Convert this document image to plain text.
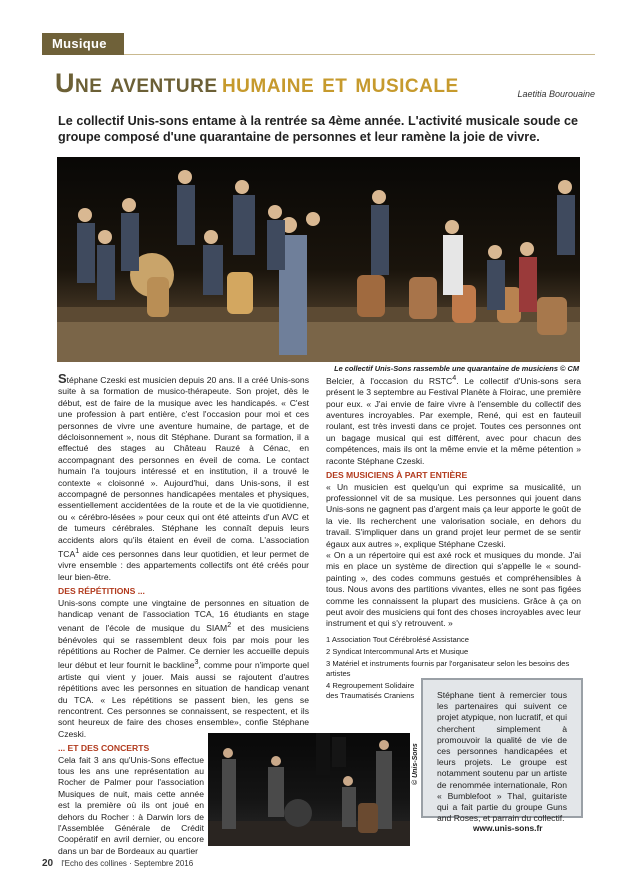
Musique
Une aventure humaine et musicale	Laetitia Bourouaine
Le collectif Unis-sons entame à la rentrée sa 4ème année. L'activité musicale soude ce groupe composé d'une quarantaine de personnes et leur ramène la joie de vivre.
Le collectif Unis-Sons rassemble une quarantaine de musiciens © CM

Stéphane Czeski est musicien depuis 20 ans. Il a créé Unis-sons suite à sa formation de musico-thérapeute. Son projet, dès le début, est de faire de la musique avec les handicapés. « C'est une profession à part entière, c'est l'occasion pour moi et ces personnes de vivre une aventure humaine, de partage, et de décloisonnement », nous dit Stéphane. Durant sa formation, il a effectué des stages au Château Rauzé à Cénac, en accompagnant des personnes en éveil de coma. Le contact humain l'a toujours intéressé et en institution, il a trouvé le contexte « cloisonné ». Aujourd'hui, dans Unis-sons, il est accompagné de personnes handicapées mentales et physiques, essentiellement accidentées de la route et de la vie quotidienne, ou « cérébro-lésées » pour ceux qui ont été atteints d'un AVC et de tumeurs cérébrales. Stéphane les connaît depuis leurs accidents alors qu'ils étaient en éveil de coma. L'association TCA$^1$ aide ces personnes dans leur quotidien, et leur permet de vivre ensemble : des appartements collectifs ont été créés pour leur bien-être.

DES RÉPÉTITIONS ...

Unis-sons compte une vingtaine de personnes en situation de handicap venant de l'association TCA, 16 étudiants en stage venant de l'école de musique du SIAM$^2$ et des musiciens bénévoles qui se rassemblent deux fois par mois pour les répétitions au Rocher de Palmer. Ce dernier les accueille depuis leur début et leur fournit le backline$^3$, comme pour n'importe quel artiste qui vient y jouer. Mais aussi se rajoutent d'autres répétitions avec les personnes en situation de handicap venant du TCA. « Les répétitions se passent bien, les gens se rencontrent. Ces personnes se connaissent, se respectent, et ils sont heureux de faire des choses ensemble», confie Stéphane Czeski.

... ET DES CONCERTS

Cela fait 3 ans qu'Unis-Sons effectue tous les ans une représentation au Rocher de Palmer pour l'association Musiques de nuit, mais cette année est la première où ils ont joué en dehors du Rocher : à Darwin lors de l'Assemblée Générale de Crédit Coopératif en avril dernier, ou encore dans un bar de Bordeaux au quartier

Belcier, à l'occasion du RSTC$^4$. Le collectif d'Unis-sons sera présent le 3 septembre au Festival Planète à Floirac, une première pour eux. « J'ai envie de faire vivre à l'ensemble du collectif des aventures incroyables. Par exemple, René, qui est en fauteuil roulant, est très investi dans ce projet. Toutes ces personnes ont un bagage musical qui est différent, avec pour chacun des compétences, mais ils ont la même envie et la même pétention » raconte Stéphane Czeski.

DES MUSICIENS À PART ENTIÈRE

« Un musicien est quelqu'un qui exprime sa musicalité, un professionnel vit de sa musique. Les personnes qui jouent dans Unis-sons ne gagnent pas d'argent mais ça leur apporte le goût de la vie. Ils recherchent une valorisation sociale, en dehors du travail. S'impliquer dans un grand projet leur permet de se sentir égaux aux autres », explique Stéphane Czeski.

« On a un répertoire qui est axé rock et musiques du monde. J'ai mis en place un système de direction qui s'appelle le « sound-painting », des codes communs gestués et compréhensibles à tous. Nous avons des partitions vivantes, elles ne sont pas figées comme les connaissent la plupart des musiciens. Grâce à ça on peut avoir des musiciens qui font des choses incroyables avec leur instrument et qui s'y retrouvent. »

1 Association Tout Cérébrolésé Assistance

2 Syndicat Intercommunal Arts et Musique

3 Matériel et instruments fournis par l'organisateur selon les besoins des artistes

4 Regroupement Solidaire des Traumatisés Craniens

© Unis-Sons
Stéphane tient à remercier tous les partenaires qui suivent ce projet atypique, non lucratif, et qui cherchent simplement à promouvoir la qualité de vie de ces personnes handicapées et leurs projets. Le groupe est notamment soutenu par un artiste de renommée internationale, Ron « Bumblefoot » Thal, guitariste qui a fait partie du groupe Guns and Roses, et parrain du collectif.
www.unis-sons.fr
20 l'Echo des collines · Septembre 2016
